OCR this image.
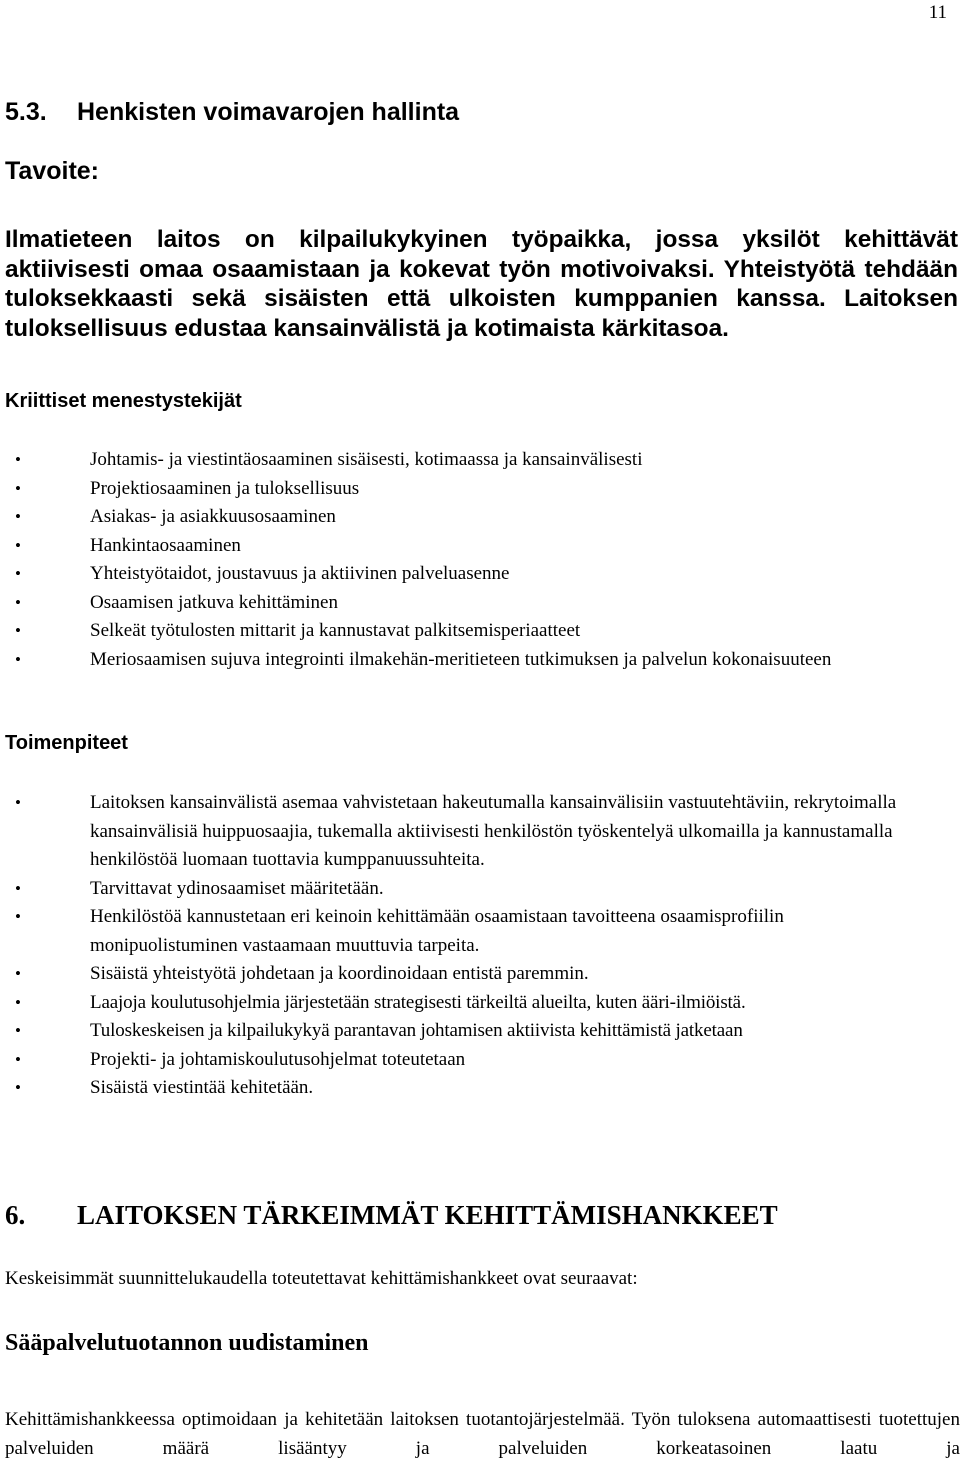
11
5.3. Henkisten voimavarojen hallinta
Tavoite:
Ilmatieteen laitos on kilpailukykyinen työpaikka, jossa yksilöt kehittävät aktiivisesti omaa osaamistaan ja kokevat työn motivoivaksi. Yhteistyötä tehdään tuloksekkaasti sekä sisäisten että ulkoisten kumppanien kanssa. Laitoksen tuloksellisuus edustaa kansainvälistä ja kotimaista kärkitasoa.
Kriittiset menestystekijät
•	Johtamis- ja viestintäosaaminen sisäisesti, kotimaassa ja kansainvälisesti
•	Projektiosaaminen ja tuloksellisuus
•	Asiakas- ja asiakkuusosaaminen
•	Hankintaosaaminen
•	Yhteistyötaidot, joustavuus ja aktiivinen palveluasenne
•	Osaamisen jatkuva kehittäminen
•	Selkeät työtulosten mittarit ja kannustavat palkitsemisperiaatteet
•	Meriosaamisen sujuva integrointi ilmakehän-meritieteen tutkimuksen ja palvelun kokonaisuuteen
Toimenpiteet
•	Laitoksen kansainvälistä asemaa vahvistetaan hakeutumalla kansainvälisiin vastuutehtäviin, rekrytoimalla kansainvälisiä huippuosaajia, tukemalla aktiivisesti henkilöstön työskentelyä ulkomailla ja kannustamalla henkilöstöä luomaan tuottavia kumppanuussuhteita.
•	Tarvittavat ydinosaamiset määritetään.
•	Henkilöstöä kannustetaan eri keinoin kehittämään osaamistaan tavoitteena osaamisprofiilin monipuolistuminen vastaamaan muuttuvia tarpeita.
•	Sisäistä yhteistyötä johdetaan ja koordinoidaan entistä paremmin.
•	Laajoja koulutusohjelmia järjestetään strategisesti tärkeiltä alueilta, kuten ääri-ilmiöistä.
•	Tuloskeskeisen ja kilpailukykyä parantavan johtamisen aktiivista kehittämistä jatketaan
•	Projekti- ja johtamiskoulutusohjelmat toteutetaan
•	Sisäistä viestintää kehitetään.
6. LAITOKSEN TÄRKEIMMÄT KEHITTÄMISHANKKEET
Keskeisimmät suunnittelukaudella toteutettavat kehittämishankkeet ovat seuraavat:
Sääpalvelutuotannon uudistaminen
Kehittämishankkeessa optimoidaan ja kehitetään laitoksen tuotantojärjestelmää. Työn tuloksena automaattisesti tuotettujen palveluiden määrä lisääntyy ja palveluiden korkeatasoinen laatu ja
